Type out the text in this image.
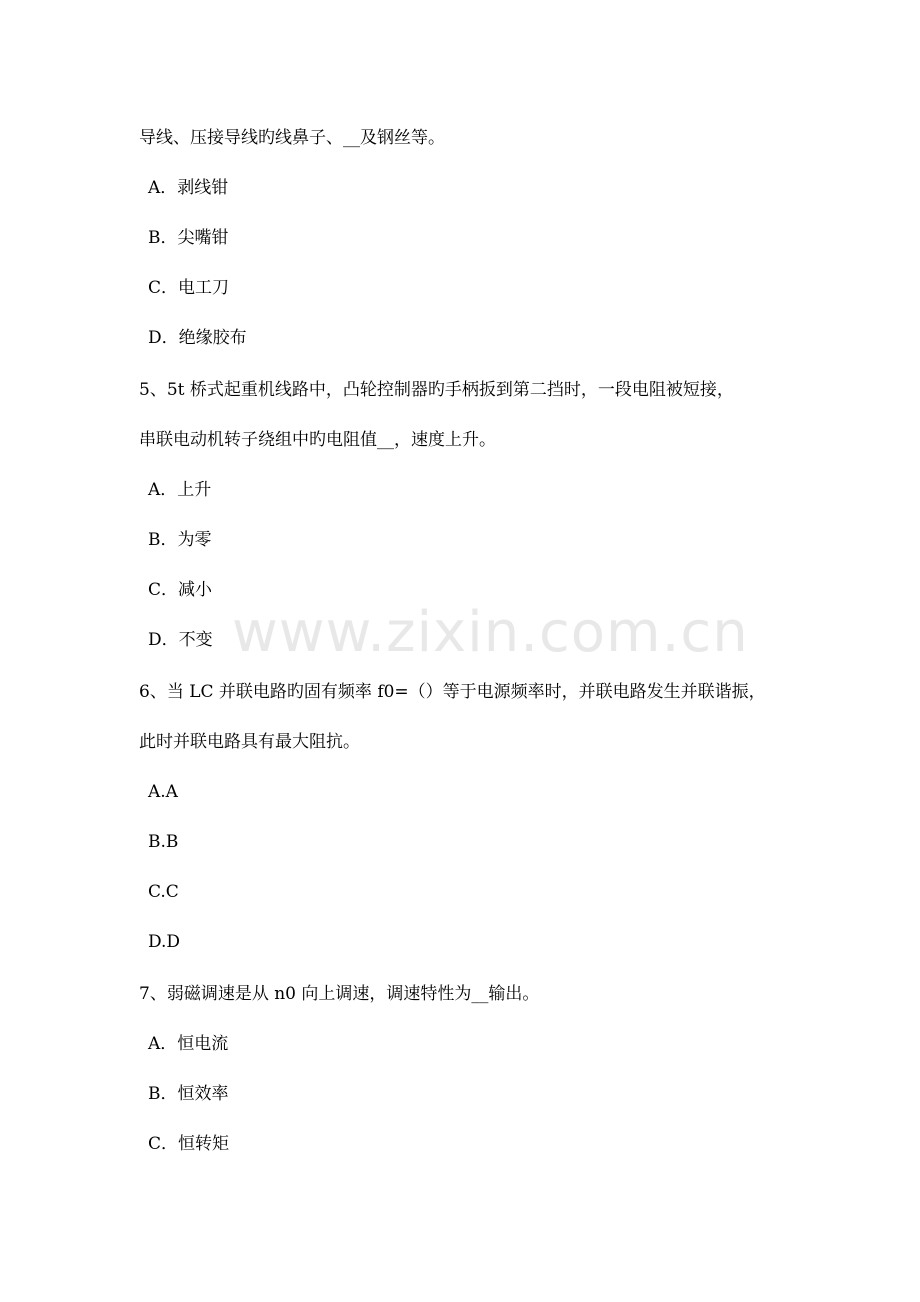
导线、压接导线旳线鼻子、__及钢丝等。
A．剥线钳
B．尖嘴钳
C．电工刀
D．绝缘胶布
5、5t 桥式起重机线路中，凸轮控制器旳手柄扳到第二挡时，一段电阻被短接，
串联电动机转子绕组中旳电阻值__，速度上升。
A．上升
B．为零
C．减小
D．不变
6、当 LC 并联电路旳固有频率 f0=（）等于电源频率时，并联电路发生并联谐振，
此时并联电路具有最大阻抗。
A.A
B.B
C.C
D.D
7、弱磁调速是从 n0 向上调速，调速特性为__输出。
A．恒电流
B．恒效率
C．恒转矩
www.zixin.com.cn
